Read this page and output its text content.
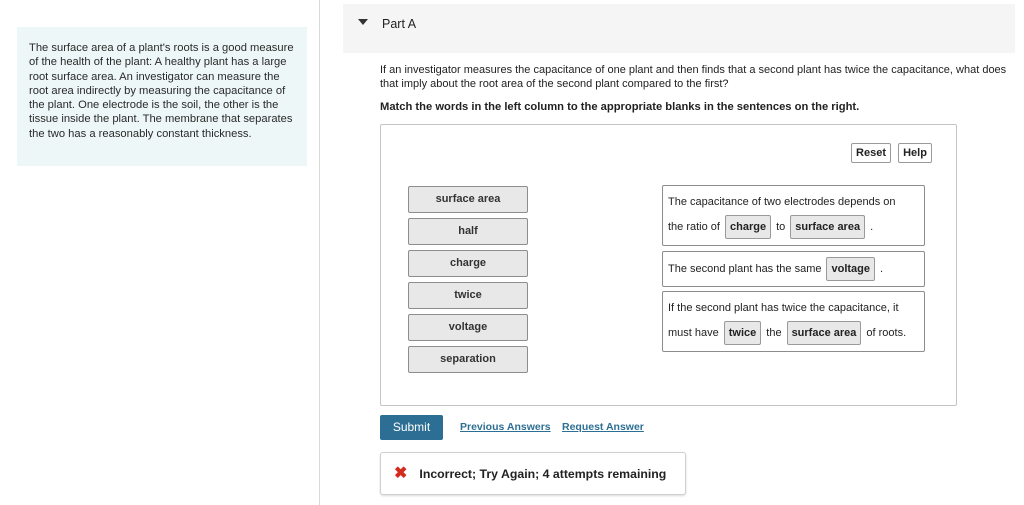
The surface area of a plant's roots is a good measure of the health of the plant: A healthy plant has a large root surface area. An investigator can measure the root area indirectly by measuring the capacitance of the plant. One electrode is the soil, the other is the tissue inside the plant. The membrane that separates the two has a reasonably constant thickness.

Part A

If an investigator measures the capacitance of one plant and then finds that a second plant has twice the capacitance, what does that imply about the root area of the second plant compared to the first?

Match the words in the left column to the appropriate blanks in the sentences on the right.

Reset	Help
surface area
half
charge
twice
voltage
separation
The capacitance of two electrodes depends on
the ratio of charge to surface area .
The second plant has the same voltage .
If the second plant has twice the capacitance, it
must have twice the surface area of roots.
Submit	Previous Answers Request Answer
✖ Incorrect; Try Again; 4 attempts remaining
